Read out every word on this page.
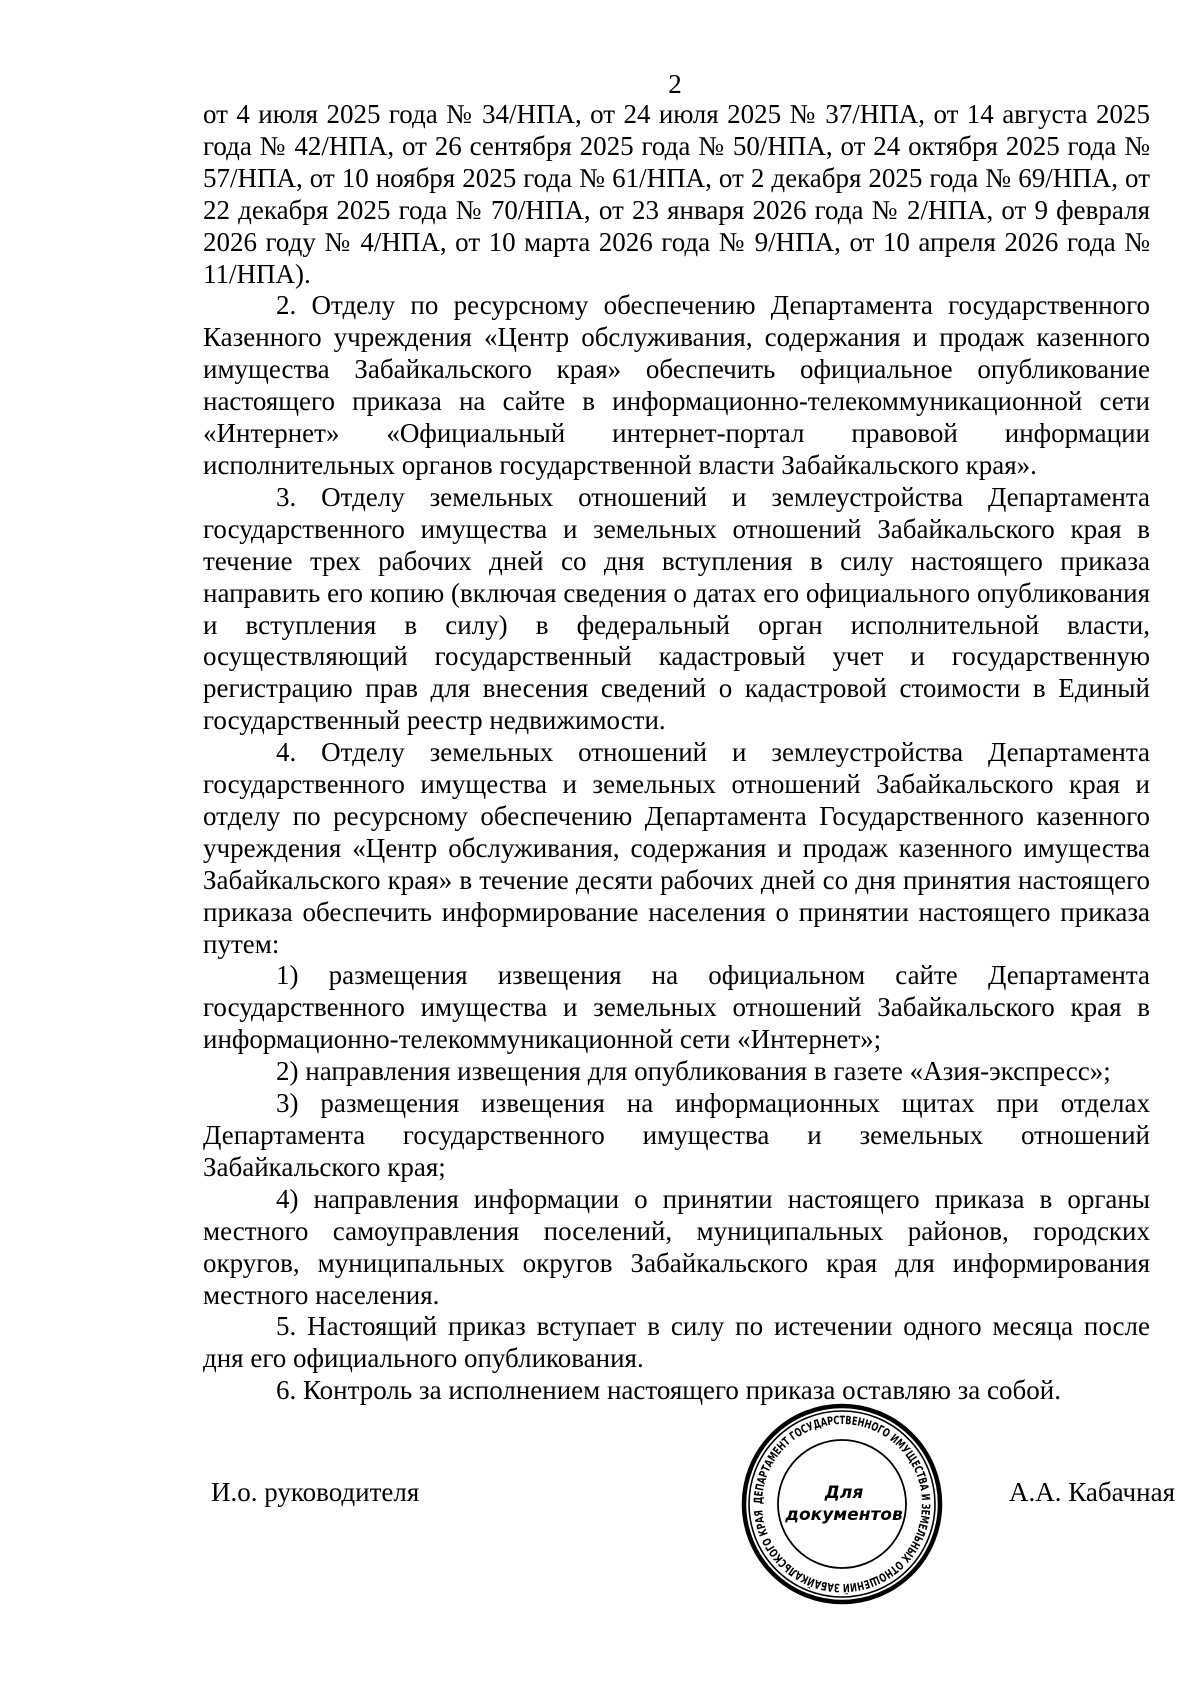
2

от 4 июля 2025 года № 34/НПА, от 24 июля 2025 № 37/НПА, от 14 августа 2025 года № 42/НПА, от 26 сентября 2025 года № 50/НПА, от 24 октября 2025 года № 57/НПА, от 10 ноября 2025 года № 61/НПА, от 2 декабря 2025 года № 69/НПА, от 22 декабря 2025 года № 70/НПА, от 23 января 2026 года № 2/НПА, от 9 февраля 2026 году № 4/НПА, от 10 марта 2026 года № 9/НПА, от 10 апреля 2026 года № 11/НПА).

2. Отделу по ресурсному обеспечению Департамента государственного Казенного учреждения «Центр обслуживания, содержания и продаж казенного имущества Забайкальского края» обеспечить официальное опубликование настоящего приказа на сайте в информационно-телекоммуникационной сети «Интернет» «Официальный интернет-портал правовой информации исполнительных органов государственной власти Забайкальского края».

3. Отделу земельных отношений и землеустройства Департамента государственного имущества и земельных отношений Забайкальского края в течение трех рабочих дней со дня вступления в силу настоящего приказа направить его копию (включая сведения о датах его официального опубликования и вступления в силу) в федеральный орган исполнительной власти, осуществляющий государственный кадастровый учет и государственную регистрацию прав для внесения сведений о кадастровой стоимости в Единый государственный реестр недвижимости.

4. Отделу земельных отношений и землеустройства Департамента государственного имущества и земельных отношений Забайкальского края и отделу по ресурсному обеспечению Департамента Государственного казенного учреждения «Центр обслуживания, содержания и продаж казенного имущества Забайкальского края» в течение десяти рабочих дней со дня принятия настоящего приказа обеспечить информирование населения о принятии настоящего приказа путем:

1) размещения извещения на официальном сайте Департамента государственного имущества и земельных отношений Забайкальского края в информационно-телекоммуникационной сети «Интернет»;

2) направления извещения для опубликования в газете «Азия-экспресс»;

3) размещения извещения на информационных щитах при отделах Департамента государственного имущества и земельных отношений Забайкальского края;

4) направления информации о принятии настоящего приказа в органы местного самоуправления поселений, муниципальных районов, городских округов, муниципальных округов Забайкальского края для информирования местного населения.

5. Настоящий приказ вступает в силу по истечении одного месяца после дня его официального опубликования.

6. Контроль за исполнением настоящего приказа оставляю за собой.

И.о. руководителя	А.А. Кабачная
ДЕПАРТАМЕНТ ГОСУДАРСТВЕННОГО ИМУЩЕСТВА И ЗЕМЕЛЬНЫХ ОТНОШЕНИЙ ЗАБАЙКАЛЬСКОГО КРАЯ
Для
документов
